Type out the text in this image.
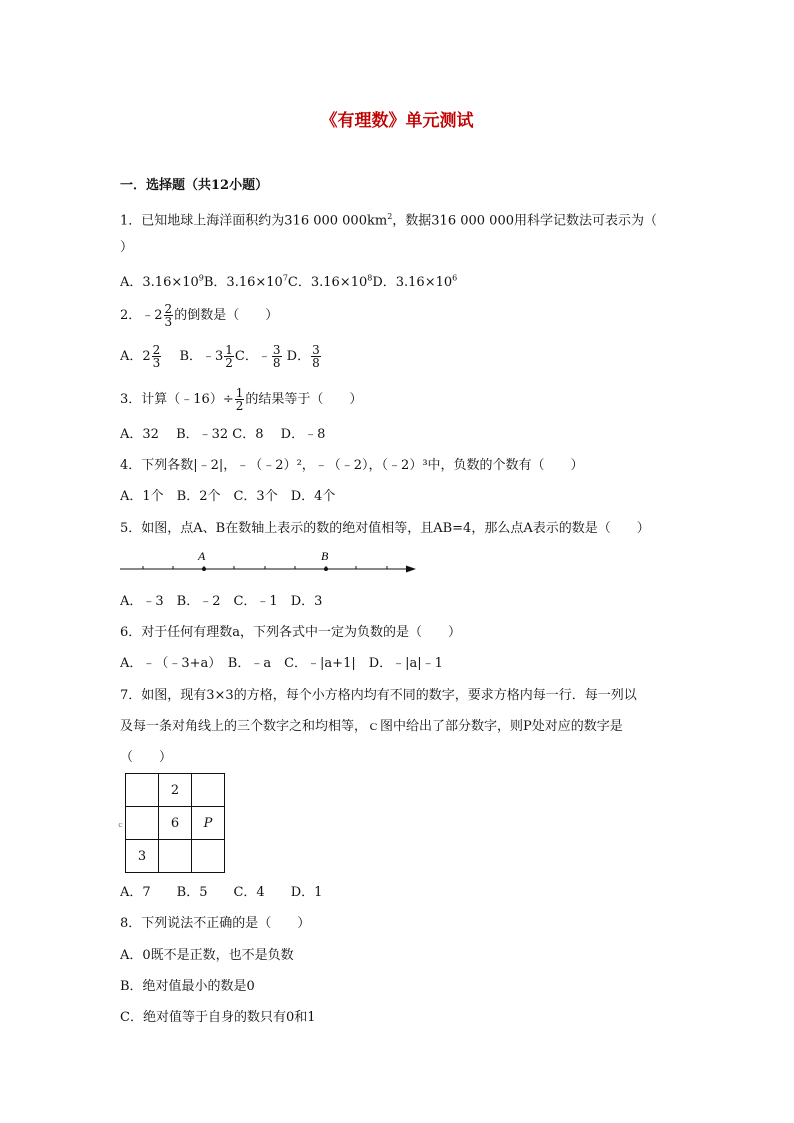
《有理数》单元测试
一．选择题（共12小题）
1．已知地球上海洋面积约为316 000 $000km^2$，数据316 000 000用科学记数法可表示为（
）
A．$3.16\times 10^9B$．$3.16\times 10^7C$．$3.16\times 10^8D$．$3.16\times 10^6$
2．﹣2 $\frac{2}{3}$ 的倒数是（　　）
A．$2 \frac{2}{3}$ 　B．﹣3 $\frac{1}{2}$ C．﹣ $\frac{3}{8}$ D． $\frac{3}{8}$
3．计算（﹣16）÷ $\frac{1}{2}$ 的结果等于（　　）
A．32　 B．﹣32 C．8　 D．﹣8
4．下列各数|﹣2|，﹣（﹣2）²，﹣（﹣2），（﹣2）³中，负数的个数有（　　）
A．1个　B．2个　C．3个　D．4个
5．如图，点A、B在数轴上表示的数的绝对值相等，且AB=4，那么点A表示的数是（　　）
A	B
A．﹣3　B．﹣2　C．﹣1　D．3
6．对于任何有理数a，下列各式中一定为负数的是（　　）
A．﹣（﹣3+a）　B．﹣a　C．﹣|a+1|　D．﹣|a|﹣1
7．如图，现有3×3的方格，每个小方格内均有不同的数字，要求方格内每一行．每一列以
及每一条对角线上的三个数字之和均相等，ｃ图中给出了部分数字，则P处对应的数字是
（　　）
	2	
	6	P
3		
ｃ
A．7　　B．5　　C．4　　D．1
8．下列说法不正确的是（　　）
A．0既不是正数，也不是负数
B．绝对值最小的数是0
C．绝对值等于自身的数只有0和1
